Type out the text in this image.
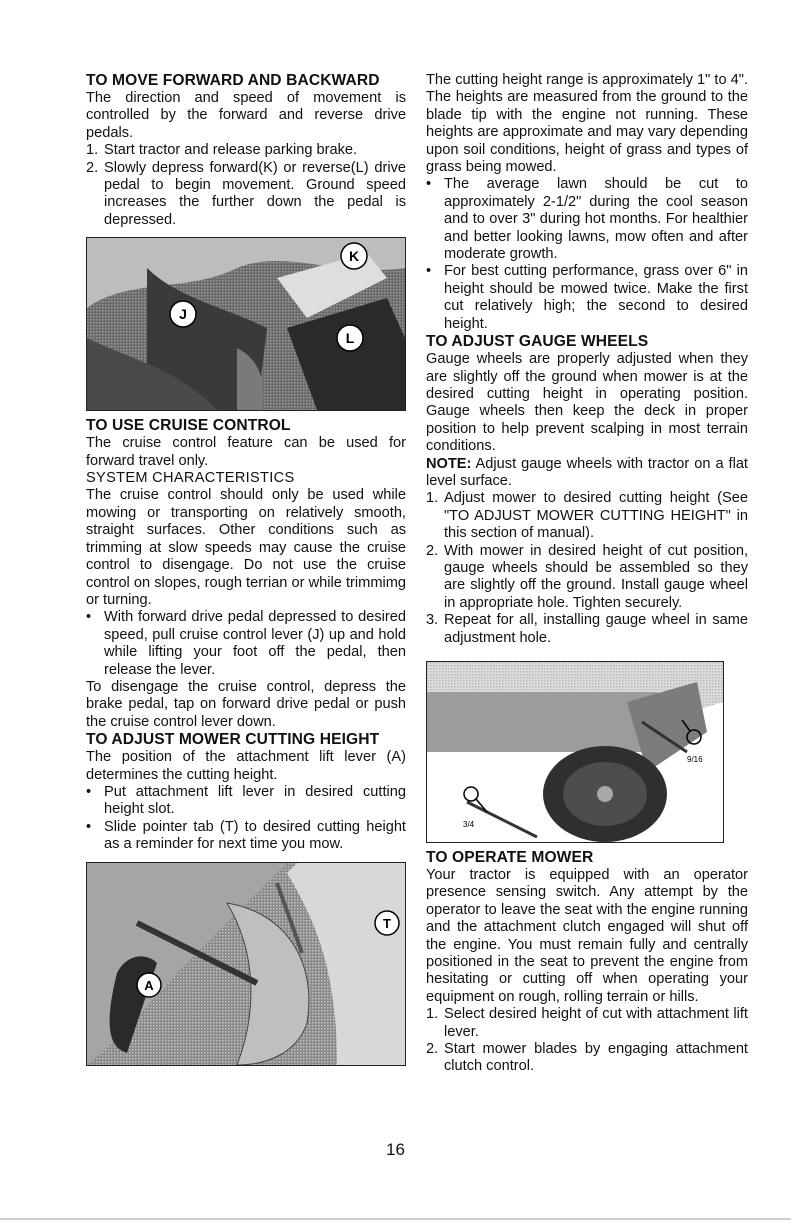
TO MOVE FORWARD AND BACKWARD

The direction and speed of movement is controlled by the forward and reverse drive pedals.

1. Start tractor and release parking brake.
2. Slowly depress forward(K) or reverse(L) drive pedal to begin movement. Ground speed increases the further down the pedal is depressed.
J
K
L
TO USE CRUISE CONTROL

The cruise control feature can be used for forward travel only.

SYSTEM CHARACTERISTICS

The cruise control should only be used while mowing or transporting on relatively smooth, straight surfaces. Other conditions such as trimming at slow speeds may cause the cruise control to disengage. Do not use the cruise control on slopes, rough terrian or while trimmimg or turning.

• With forward drive pedal depressed to desired speed, pull cruise control lever (J) up and hold while lifting your foot off the pedal, then release the lever.

To disengage the cruise control, depress the brake pedal, tap on forward drive pedal or push the cruise control lever down.

TO ADJUST MOWER CUTTING HEIGHT

The position of the attachment lift lever (A) determines the cutting height.

• Put attachment lift lever in desired cutting height slot.
• Slide pointer tab (T) to desired cutting height as a reminder for next time you mow.
A
T

The cutting height range is approximately 1" to 4". The heights are measured from the ground to the blade tip with the engine not running. These heights are approximate and may vary depending upon soil conditions, height of grass and types of grass being mowed.

• The average lawn should be cut to approximately 2-1/2" during the cool season and to over 3" during hot months. For healthier and better looking lawns, mow often and after moderate growth.
• For best cutting performance, grass over 6" in height should be mowed twice. Make the first cut relatively high; the second to desired height.
TO ADJUST GAUGE WHEELS

Gauge wheels are properly adjusted when they are slightly off the ground when mower is at the desired cutting height in operating position. Gauge wheels then keep the deck in proper position to help prevent scalping in most terrain conditions.

NOTE: Adjust gauge wheels with tractor on a flat level surface.

1. Adjust mower to desired cutting height (See "TO ADJUST MOWER CUTTING HEIGHT" in this section of manual).
2. With mower in desired height of cut position, gauge wheels should be assembled so they are slightly off the ground. Install gauge wheel in appropriate hole. Tighten securely.
3. Repeat for all, installing gauge wheel in same adjustment hole.
3/4
9/16
TO OPERATE MOWER

Your tractor is equipped with an operator presence sensing switch. Any attempt by the operator to leave the seat with the engine running and the attachment clutch engaged will shut off the engine. You must remain fully and centrally positioned in the seat to prevent the engine from hesitating or cutting off when operating your equipment on rough, rolling terrain or hills.

1. Select desired height of cut with attachment lift lever.
2. Start mower blades by engaging attachment clutch control.
16
